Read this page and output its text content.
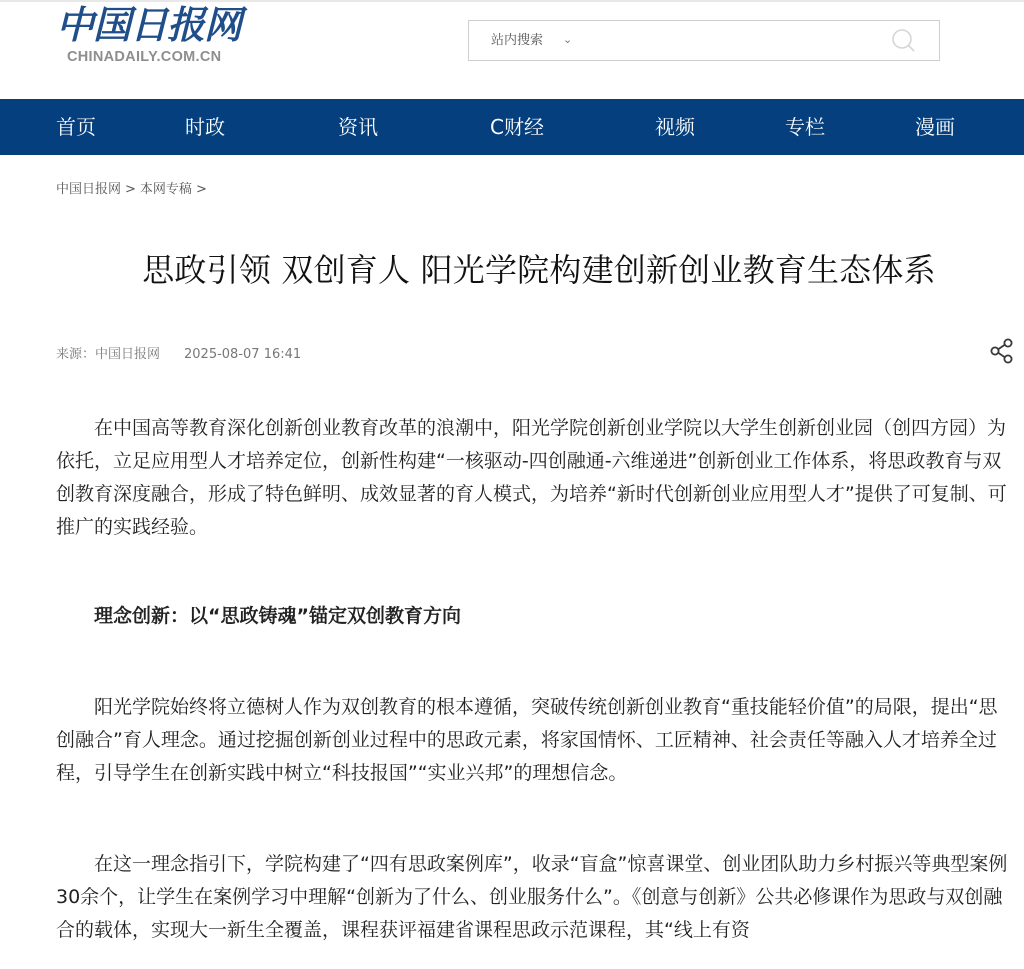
中国日报网
CHINADAILY.COM.CN
站内搜索 ⌄
首页	时政	资讯	C财经	视频	专栏	漫画
中国日报网 > 本网专稿 >
思政引领 双创育人 阳光学院构建创新创业教育生态体系
来源：中国日报网 2025-08-07 16:41

在中国高等教育深化创新创业教育改革的浪潮中，阳光学院创新创业学院以大学生创新创业园（创四方园）为依托，立足应用型人才培养定位，创新性构建“一核驱动-四创融通-六维递进”创新创业工作体系，将思政教育与双创教育深度融合，形成了特色鲜明、成效显著的育人模式，为培养“新时代创新创业应用型人才”提供了可复制、可推广的实践经验。

理念创新：以“思政铸魂”锚定双创教育方向

阳光学院始终将立德树人作为双创教育的根本遵循，突破传统创新创业教育“重技能轻价值”的局限，提出“思创融合”育人理念。通过挖掘创新创业过程中的思政元素，将家国情怀、工匠精神、社会责任等融入人才培养全过程，引导学生在创新实践中树立“科技报国”“实业兴邦”的理想信念。

在这一理念指引下，学院构建了“四有思政案例库”，收录“盲盒”惊喜课堂、创业团队助力乡村振兴等典型案例30余个，让学生在案例学习中理解“创新为了什么、创业服务什么”。《创意与创新》公共必修课作为思政与双创融合的载体，实现大一新生全覆盖，课程获评福建省课程思政示范课程，其“线上有资
